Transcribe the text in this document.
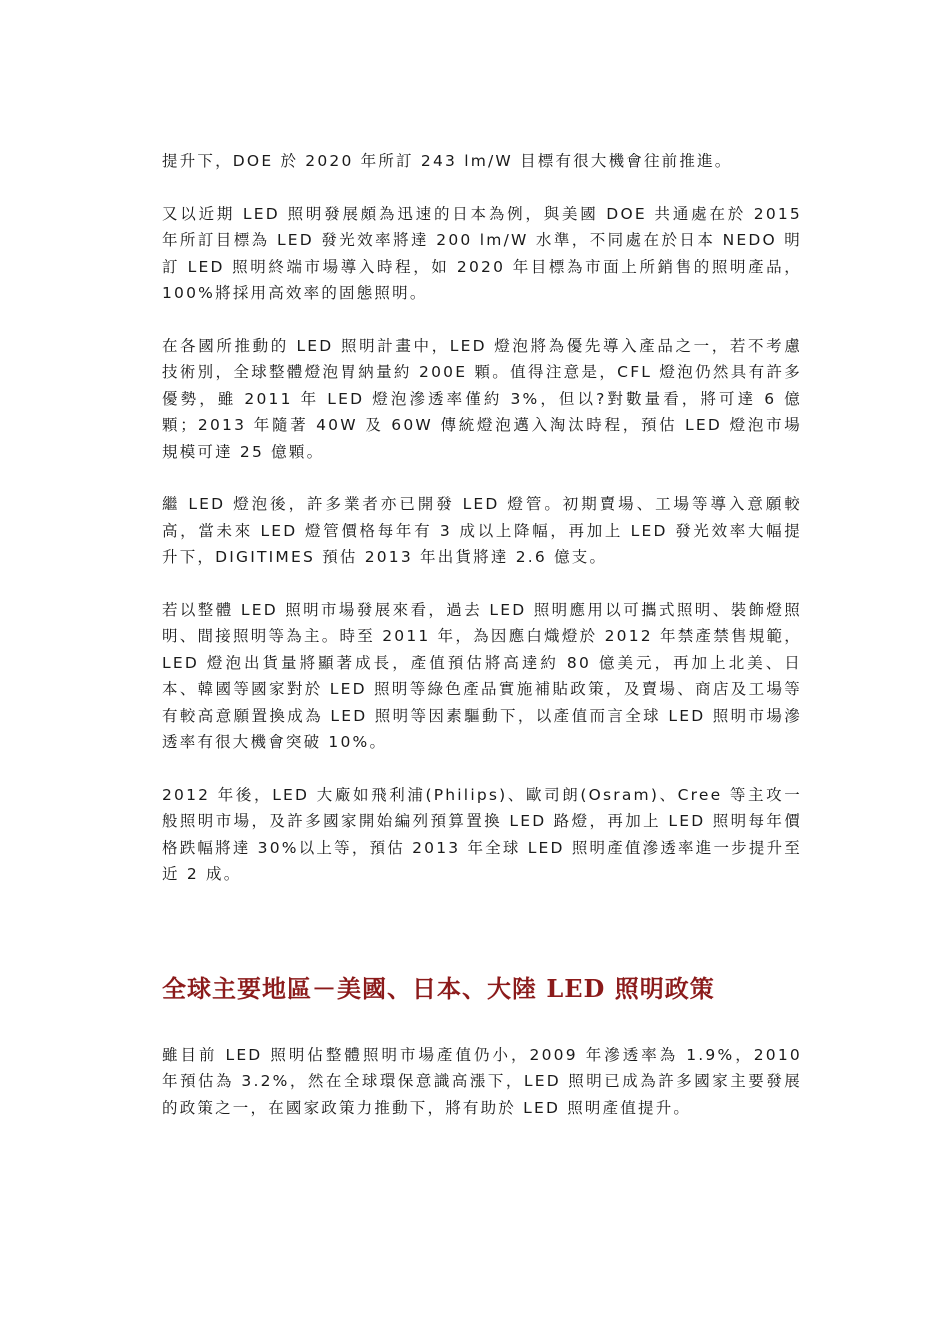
提升下，DOE 於 2020 年所訂 243 lm/W 目標有很大機會往前推進。

又以近期 LED 照明發展頗為迅速的日本為例，與美國 DOE 共通處在於 2015 年所訂目標為 LED 發光效率將達 200 lm/W 水準，不同處在於日本 NEDO 明訂 LED 照明終端市場導入時程，如 2020 年目標為市面上所銷售的照明產品，100%將採用高效率的固態照明。

在各國所推動的 LED 照明計畫中，LED 燈泡將為優先導入產品之一，若不考慮技術別，全球整體燈泡胃納量約 200E 顆。值得注意是，CFL 燈泡仍然具有許多優勢，雖 2011 年 LED 燈泡滲透率僅約 3%，但以?對數量看，將可達 6 億顆；2013 年隨著 40W 及 60W 傳統燈泡邁入淘汰時程，預估 LED 燈泡市場規模可達 25 億顆。

繼 LED 燈泡後，許多業者亦已開發 LED 燈管。初期賣場、工場等導入意願較高，當未來 LED 燈管價格每年有 3 成以上降幅，再加上 LED 發光效率大幅提升下，DIGITIMES 預估 2013 年出貨將達 2.6 億支。

若以整體 LED 照明市場發展來看，過去 LED 照明應用以可攜式照明、裝飾燈照明、間接照明等為主。時至 2011 年，為因應白熾燈於 2012 年禁產禁售規範，LED 燈泡出貨量將顯著成長，產值預估將高達約 80 億美元，再加上北美、日本、韓國等國家對於 LED 照明等綠色產品實施補貼政策，及賣場、商店及工場等有較高意願置換成為 LED 照明等因素驅動下，以產值而言全球 LED 照明市場滲透率有很大機會突破 10%。

2012 年後，LED 大廠如飛利浦(Philips)、歐司朗(Osram)、Cree 等主攻一般照明市場，及許多國家開始編列預算置換 LED 路燈，再加上 LED 照明每年價格跌幅將達 30%以上等，預估 2013 年全球 LED 照明產值滲透率進一步提升至近 2 成。

全球主要地區－美國、日本、大陸 LED 照明政策

雖目前 LED 照明佔整體照明市場產值仍小，2009 年滲透率為 1.9%，2010 年預估為 3.2%，然在全球環保意識高漲下，LED 照明已成為許多國家主要發展的政策之一，在國家政策力推動下，將有助於 LED 照明產值提升。
